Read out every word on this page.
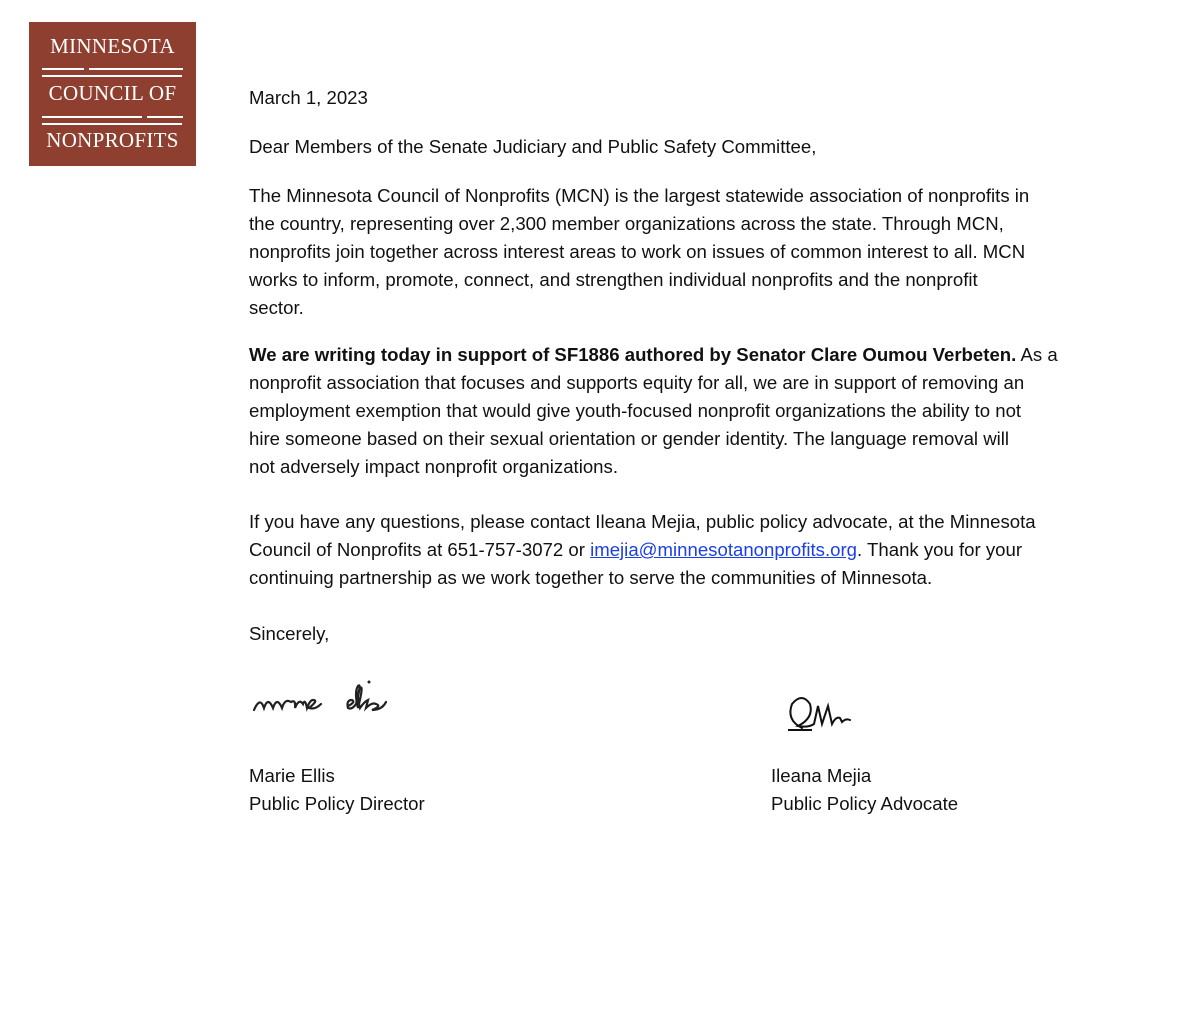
MINNESOTA
COUNCIL OF
NONPROFITS
March 1, 2023
Dear Members of the Senate Judiciary and Public Safety Committee,
The Minnesota Council of Nonprofits (MCN) is the largest statewide association of nonprofits in
the country, representing over 2,300 member organizations across the state. Through MCN,
nonprofits join together across interest areas to work on issues of common interest to all. MCN
works to inform, promote, connect, and strengthen individual nonprofits and the nonprofit
sector.
We are writing today in support of SF1886 authored by Senator Clare Oumou Verbeten. As a
nonprofit association that focuses and supports equity for all, we are in support of removing an
employment exemption that would give youth-focused nonprofit organizations the ability to not
hire someone based on their sexual orientation or gender identity. The language removal will
not adversely impact nonprofit organizations.
If you have any questions, please contact Ileana Mejia, public policy advocate, at the Minnesota
Council of Nonprofits at 651-757-3072 or imejia@minnesotanonprofits.org. Thank you for your
continuing partnership as we work together to serve the communities of Minnesota.
Sincerely,
Marie Ellis
Public Policy Director
Ileana Mejia
Public Policy Advocate
